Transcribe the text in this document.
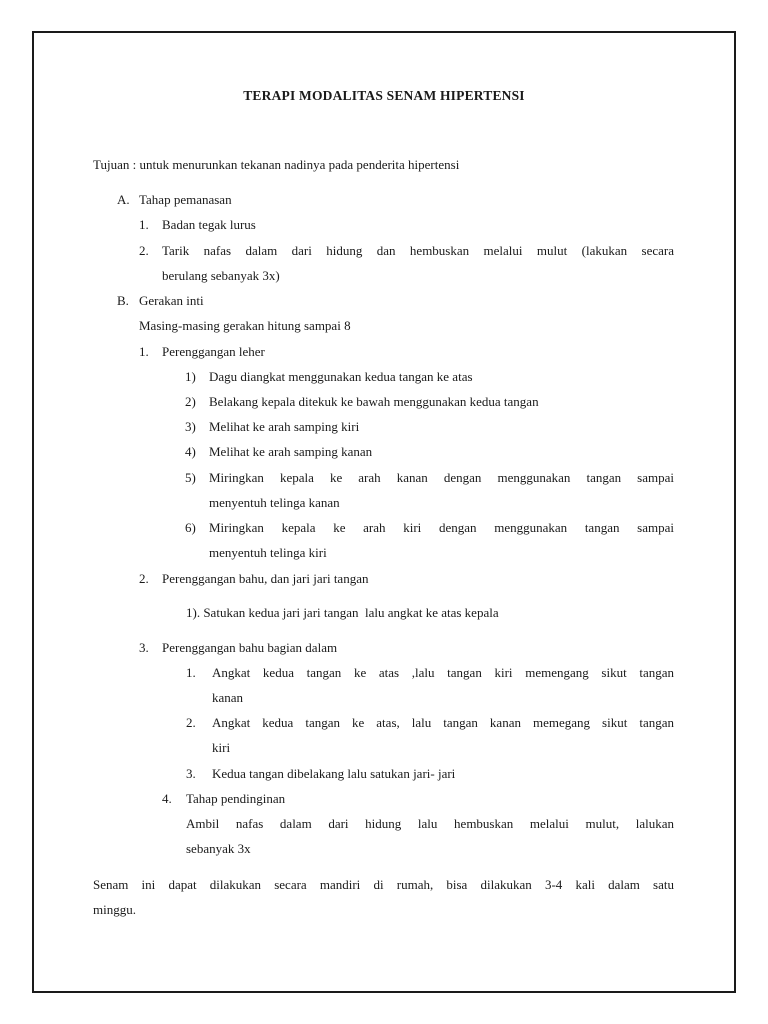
TERAPI MODALITAS SENAM HIPERTENSI
Tujuan : untuk menurunkan tekanan nadinya pada penderita hipertensi
A. Tahap pemanasan
1. Badan tegak lurus
2. Tarik nafas dalam dari hidung dan hembuskan melalui mulut (lakukan secara
berulang sebanyak 3x)
B. Gerakan inti
Masing-masing gerakan hitung sampai 8
1. Perenggangan leher
1) Dagu diangkat menggunakan kedua tangan ke atas
2) Belakang kepala ditekuk ke bawah menggunakan kedua tangan
3) Melihat ke arah samping kiri
4) Melihat ke arah samping kanan
5) Miringkan kepala ke arah kanan dengan menggunakan tangan sampai
menyentuh telinga kanan
6) Miringkan kepala ke arah kiri dengan menggunakan tangan sampai
menyentuh telinga kiri
2. Perenggangan bahu, dan jari jari tangan
1). Satukan kedua jari jari tangan  lalu angkat ke atas kepala
3. Perenggangan bahu bagian dalam
1. Angkat kedua tangan ke atas ,lalu tangan kiri memengang sikut tangan
kanan
2. Angkat kedua tangan ke atas, lalu tangan kanan memegang sikut tangan
kiri
3. Kedua tangan dibelakang lalu satukan jari- jari
4. Tahap pendinginan
Ambil nafas dalam dari hidung lalu hembuskan melalui mulut, lalukan
sebanyak 3x
Senam ini dapat dilakukan secara mandiri di rumah, bisa dilakukan 3-4 kali dalam satu
minggu.
